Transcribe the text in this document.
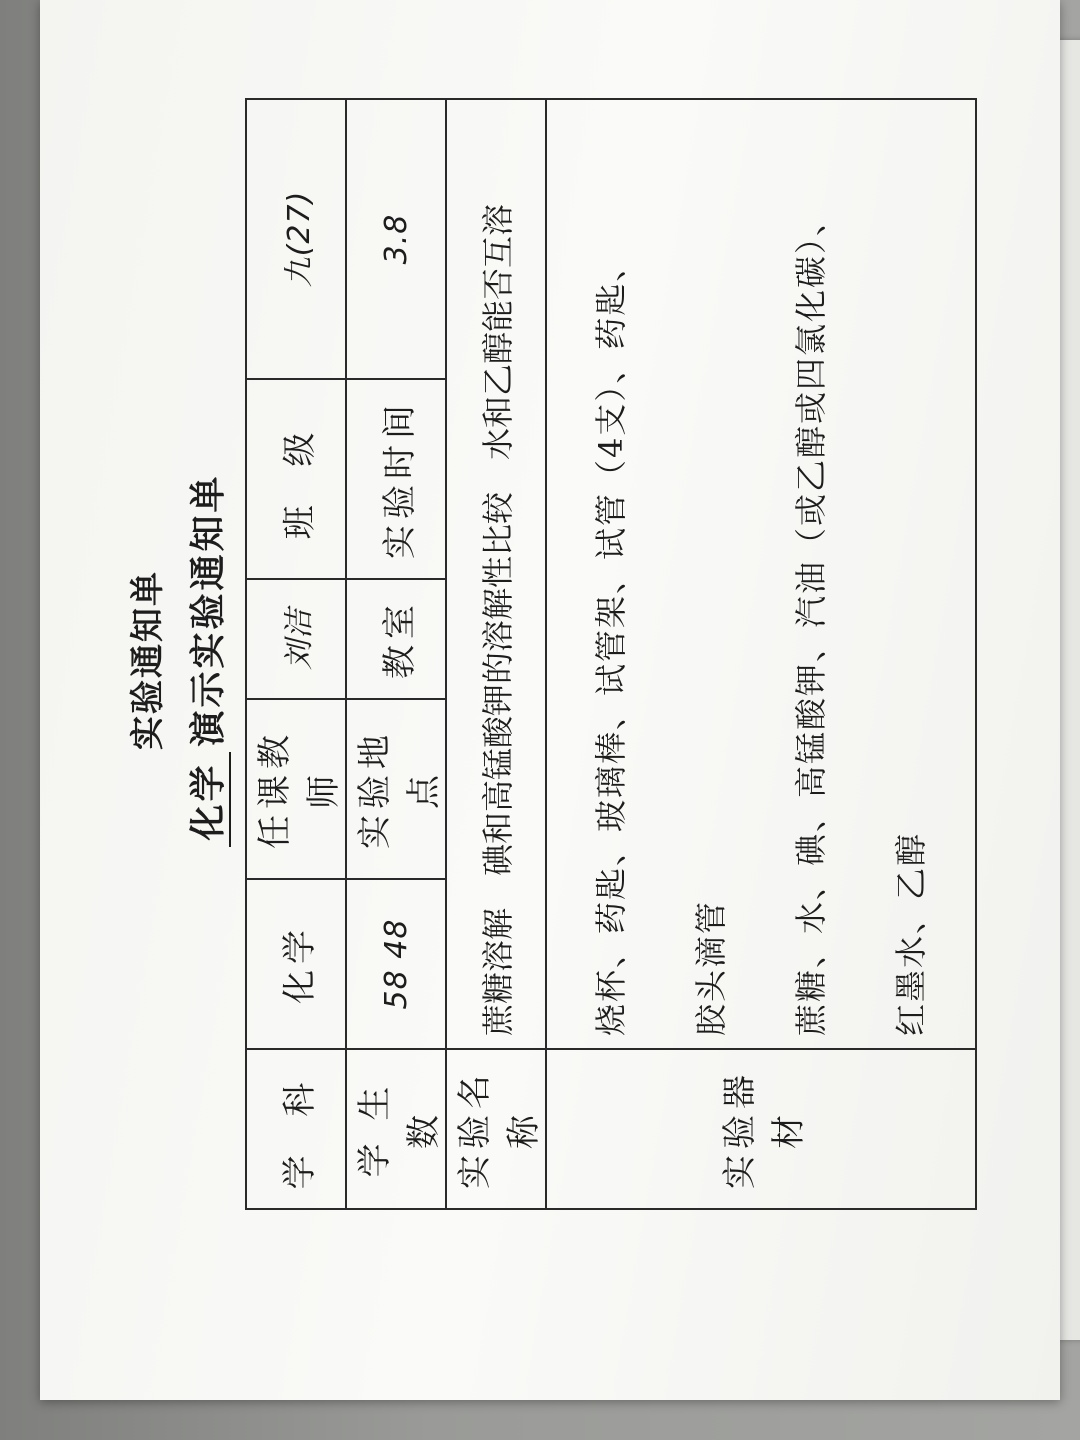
实验通知单
化学演示实验通知单
学 科	化学	任课教师	刘洁	班 级	九(27)
学 生 数	58 48	实验地点	教室	实验时间	3.8
实验名称	蔗糖溶解　碘和高锰酸钾的溶解性比较　水和乙醇能否互溶				
实验器材	烧杯、药匙、玻璃棒、试管架、试管（4支）、药匙、 胶头滴管 蔗糖、水、碘、高锰酸钾、汽油（或乙醇或四氯化碳）、 红墨水、乙醇				
